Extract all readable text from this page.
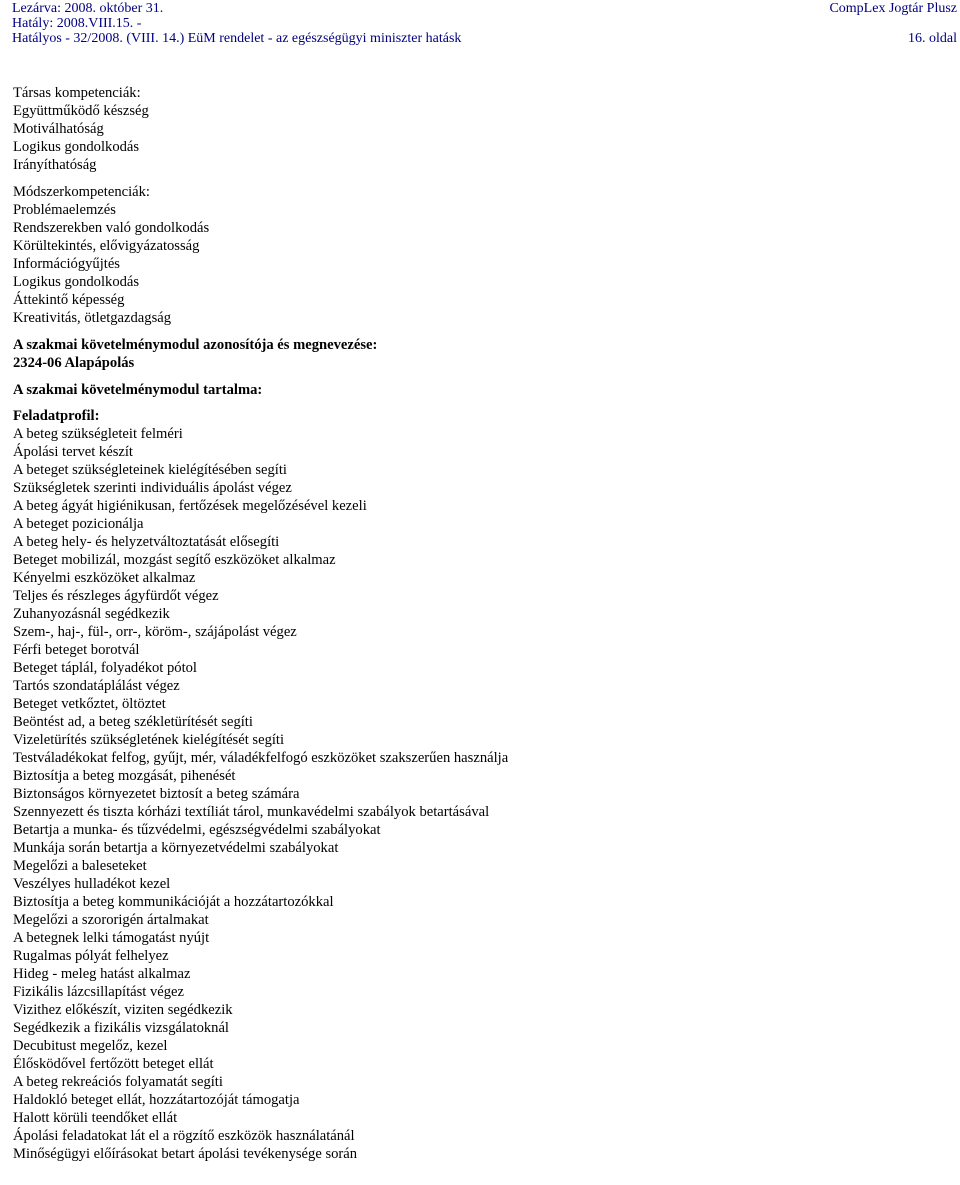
Lezárva: 2008. október 31.
Hatály: 2008.VIII.15. -
Hatályos - 32/2008. (VIII. 14.) EüM rendelet - az egészségügyi miniszter hatásk
CompLex Jogtár Plusz
16. oldal
Társas kompetenciák:
Együttműködő készség
Motiválhatóság
Logikus gondolkodás
Irányíthatóság
Módszerkompetenciák:
Problémaelemzés
Rendszerekben való gondolkodás
Körültekintés, elővigyázatosság
Információgyűjtés
Logikus gondolkodás
Áttekintő képesség
Kreativitás, ötletgazdagság
A szakmai követelménymodul azonosítója és megnevezése:
2324-06 Alapápolás
A szakmai követelménymodul tartalma:
Feladatprofil:
A beteg szükségleteit felméri
Ápolási tervet készít
A beteget szükségleteinek kielégítésében segíti
Szükségletek szerinti individuális ápolást végez
A beteg ágyát higiénikusan, fertőzések megelőzésével kezeli
A beteget pozicionálja
A beteg hely- és helyzetváltoztatását elősegíti
Beteget mobilizál, mozgást segítő eszközöket alkalmaz
Kényelmi eszközöket alkalmaz
Teljes és részleges ágyfürdőt végez
Zuhanyozásnál segédkezik
Szem-, haj-, fül-, orr-, köröm-, szájápolást végez
Férfi beteget borotvál
Beteget táplál, folyadékot pótol
Tartós szondatáplálást végez
Beteget vetkőztet, öltöztet
Beöntést ad, a beteg székletürítését segíti
Vizeletürítés szükségletének kielégítését segíti
Testváladékokat felfog, gyűjt, mér, váladékfelfogó eszközöket szakszerűen használja
Biztosítja a beteg mozgását, pihenését
Biztonságos környezetet biztosít a beteg számára
Szennyezett és tiszta kórházi textíliát tárol, munkavédelmi szabályok betartásával
Betartja a munka- és tűzvédelmi, egészségvédelmi szabályokat
Munkája során betartja a környezetvédelmi szabályokat
Megelőzi a baleseteket
Veszélyes hulladékot kezel
Biztosítja a beteg kommunikációját a hozzátartozókkal
Megelőzi a szororigén ártalmakat
A betegnek lelki támogatást nyújt
Rugalmas pólyát felhelyez
Hideg - meleg hatást alkalmaz
Fizikális lázcsillapítást végez
Vizithez előkészít, viziten segédkezik
Segédkezik a fizikális vizsgálatoknál
Decubitust megelőz, kezel
Élősködővel fertőzött beteget ellát
A beteg rekreációs folyamatát segíti
Haldokló beteget ellát, hozzátartozóját támogatja
Halott körüli teendőket ellát
Ápolási feladatokat lát el a rögzítő eszközök használatánál
Minőségügyi előírásokat betart ápolási tevékenysége során
